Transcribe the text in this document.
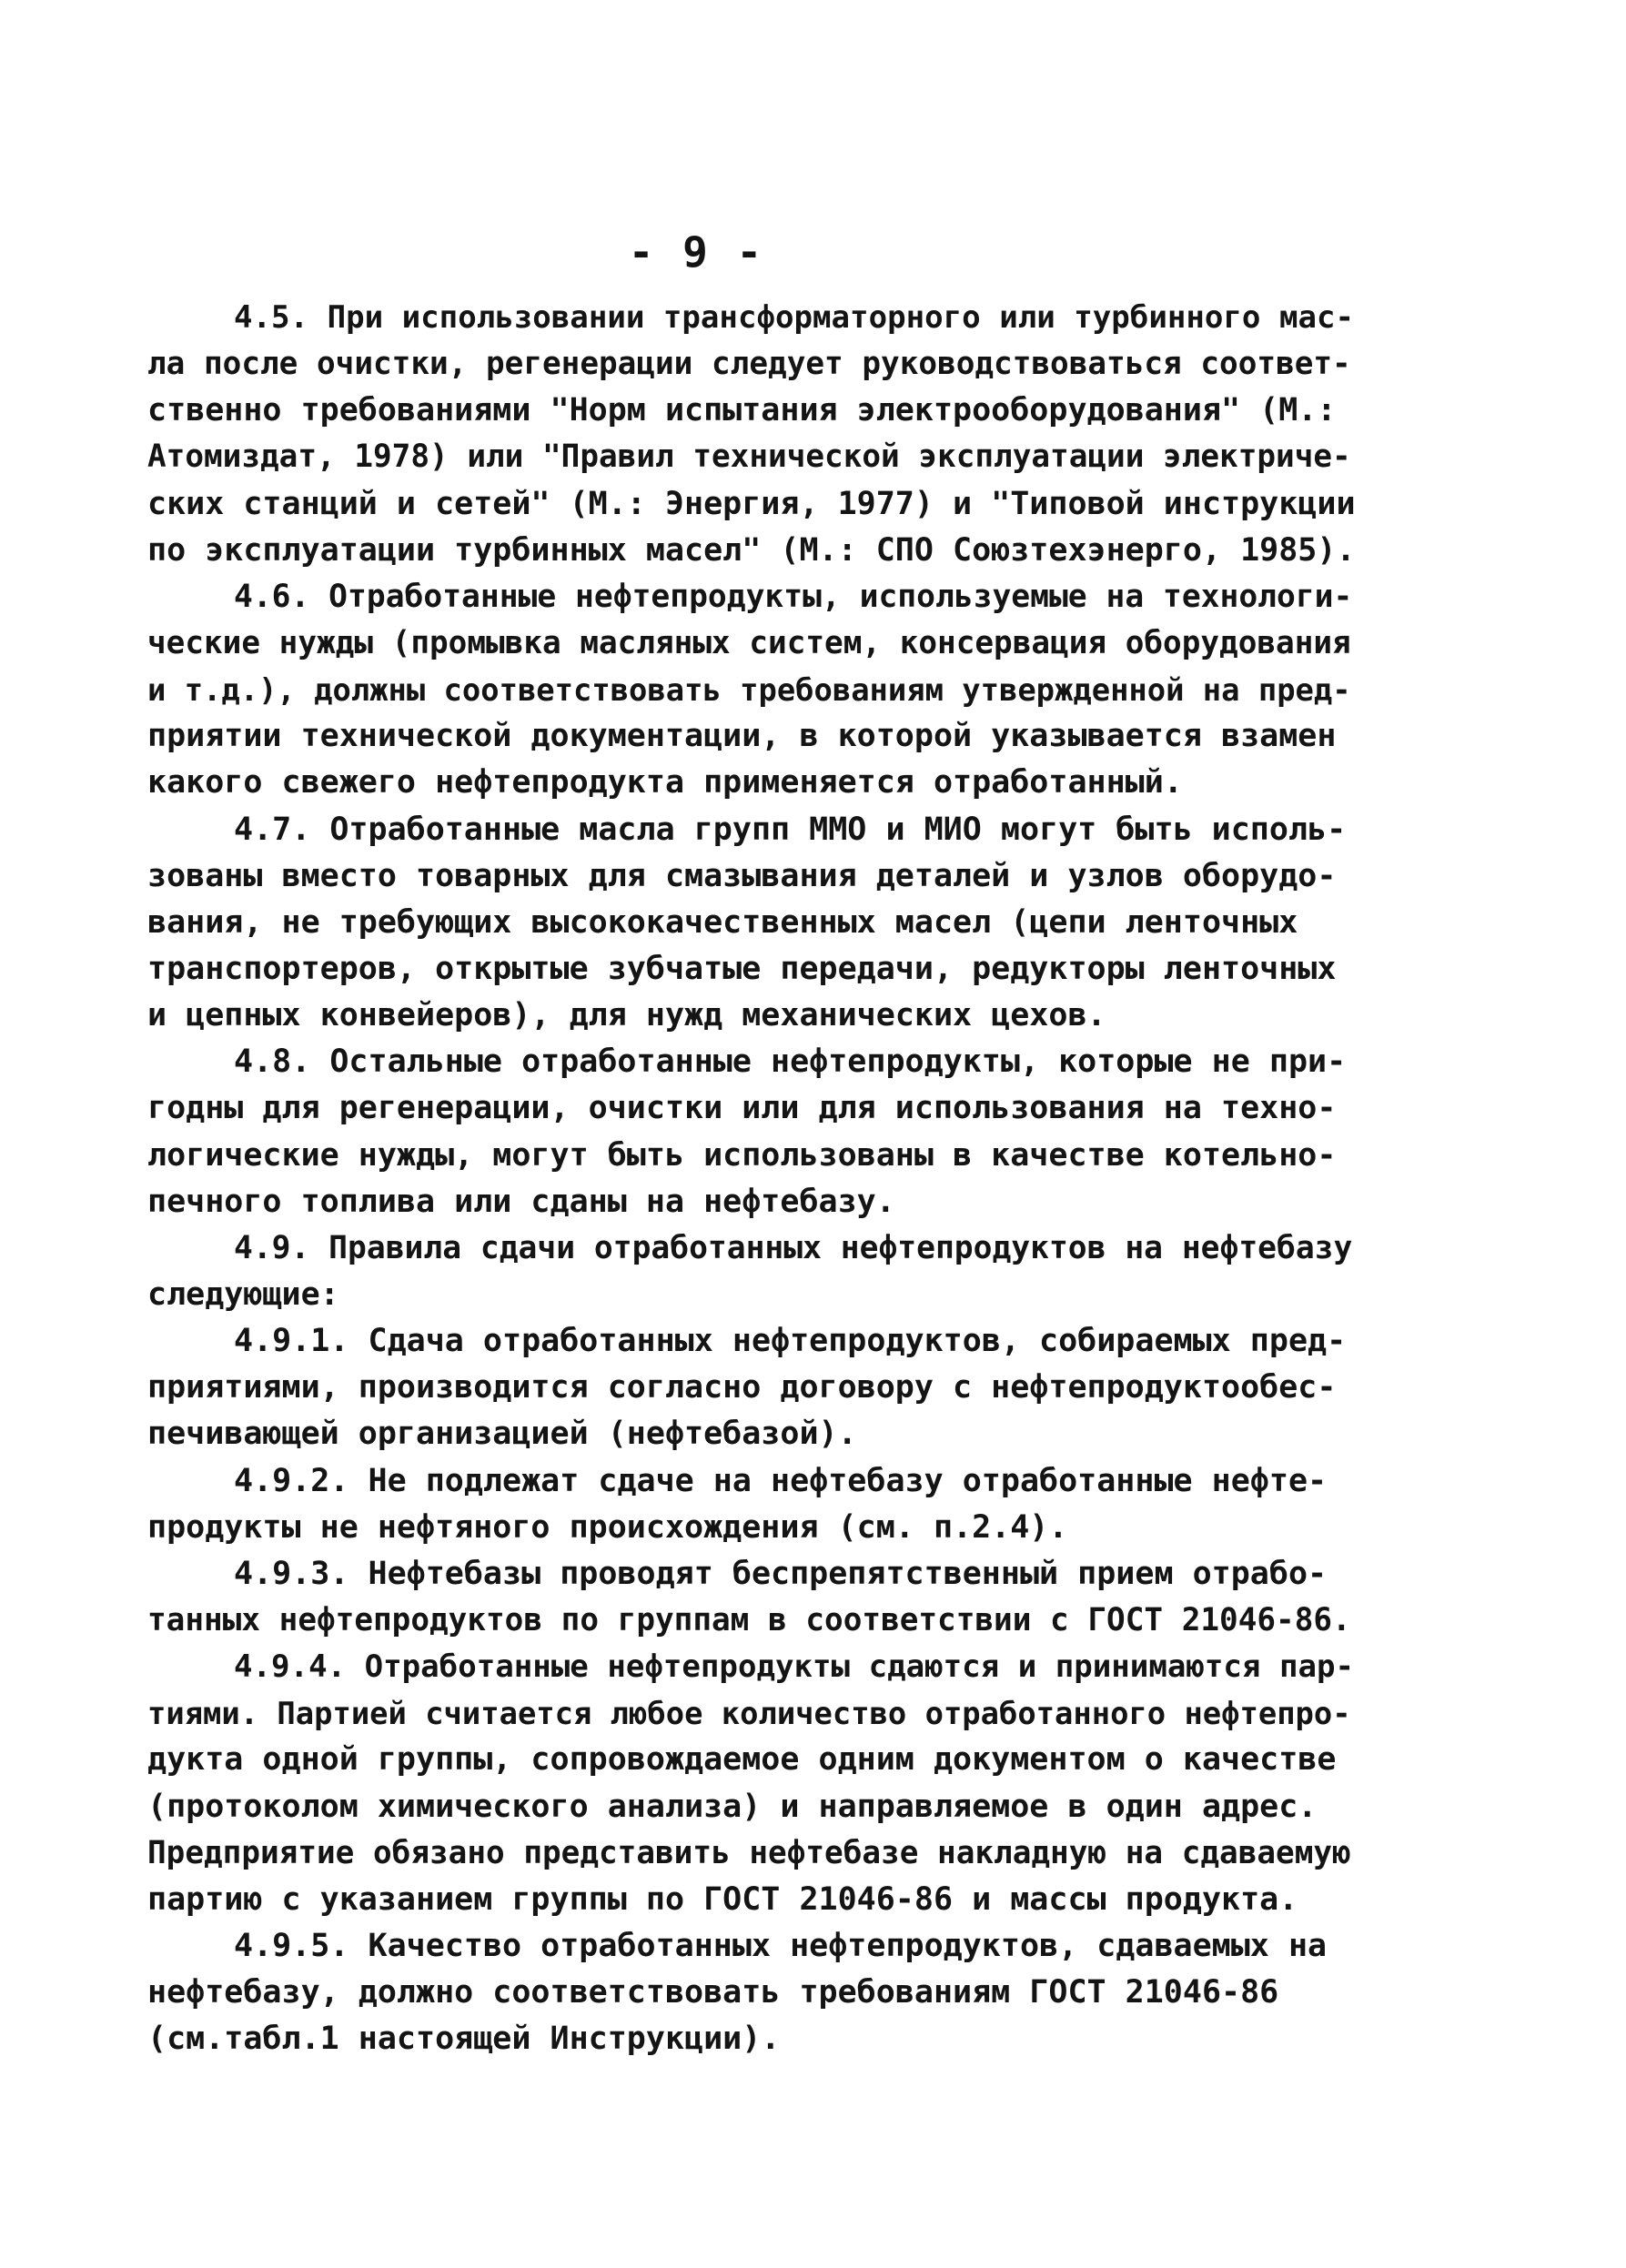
- 9 -
4.5. При использовании трансформаторного или турбинного мас-
ла после очистки, регенерации следует руководствоваться соответ-
ственно требованиями "Норм испытания электрооборудования" (М.:
Атомиздат, 1978) или "Правил технической эксплуатации электриче-
ских станций и сетей" (М.: Энергия, 1977) и "Типовой инструкции
по эксплуатации турбинных масел" (М.: СПО Союзтехэнерго, 1985).
4.6. Отработанные нефтепродукты, используемые на технологи-
ческие нужды (промывка масляных систем, консервация оборудования
и т.д.), должны соответствовать требованиям утвержденной на пред-
приятии технической документации, в которой указывается взамен
какого свежего нефтепродукта применяется отработанный.
4.7. Отработанные масла групп ММО и МИО могут быть исполь-
зованы вместо товарных для смазывания деталей и узлов оборудо-
вания, не требующих высококачественных масел (цепи ленточных
транспортеров, открытые зубчатые передачи, редукторы ленточных
и цепных конвейеров), для нужд механических цехов.
4.8. Остальные отработанные нефтепродукты, которые не при-
годны для регенерации, очистки или для использования на техно-
логические нужды, могут быть использованы в качестве котельно-
печного топлива или сданы на нефтебазу.
4.9. Правила сдачи отработанных нефтепродуктов на нефтебазу
следующие:
4.9.1. Сдача отработанных нефтепродуктов, собираемых пред-
приятиями, производится согласно договору с нефтепродуктообес-
печивающей организацией (нефтебазой).
4.9.2. Не подлежат сдаче на нефтебазу отработанные нефте-
продукты не нефтяного происхождения (см. п.2.4).
4.9.3. Нефтебазы проводят беспрепятственный прием отрабо-
танных нефтепродуктов по группам в соответствии с ГОСТ 21046-86.
4.9.4. Отработанные нефтепродукты сдаются и принимаются пар-
тиями. Партией считается любое количество отработанного нефтепро-
дукта одной группы, сопровождаемое одним документом о качестве
(протоколом химического анализа) и направляемое в один адрес.
Предприятие обязано представить нефтебазе накладную на сдаваемую
партию с указанием группы по ГОСТ 21046-86 и массы продукта.
4.9.5. Качество отработанных нефтепродуктов, сдаваемых на
нефтебазу, должно соответствовать требованиям ГОСТ 21046-86
(см.табл.1 настоящей Инструкции).
